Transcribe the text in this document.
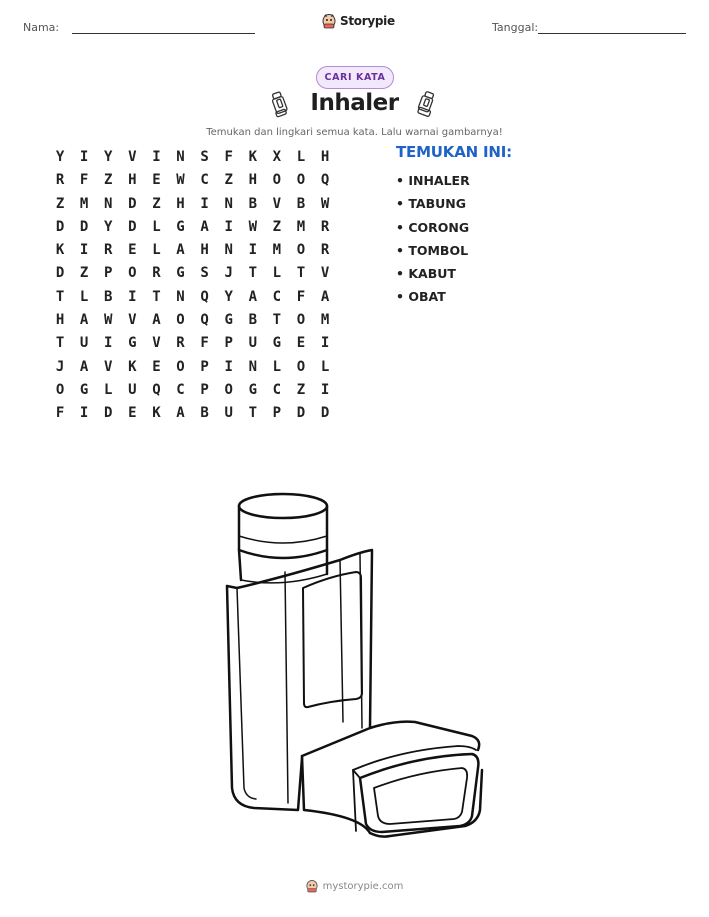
Nama:	Storypie	Tanggal:
CARI KATA
Inhaler
Temukan dan lingkari semua kata. Lalu warnai gambarnya!
Y	I	Y	V	I	N	S	F	K	X	L	H
R	F	Z	H	E	W	C	Z	H	O	O	Q
Z	M	N	D	Z	H	I	N	B	V	B	W
D	D	Y	D	L	G	A	I	W	Z	M	R
K	I	R	E	L	A	H	N	I	M	O	R
D	Z	P	O	R	G	S	J	T	L	T	V
T	L	B	I	T	N	Q	Y	A	C	F	A
H	A	W	V	A	O	Q	G	B	T	O	M
T	U	I	G	V	R	F	P	U	G	E	I
J	A	V	K	E	O	P	I	N	L	O	L
O	G	L	U	Q	C	P	O	G	C	Z	I
F	I	D	E	K	A	B	U	T	P	D	D
TEMUKAN INI:
• INHALER
• TABUNG
• CORONG
• TOMBOL
• KABUT
• OBAT
mystorypie.com
